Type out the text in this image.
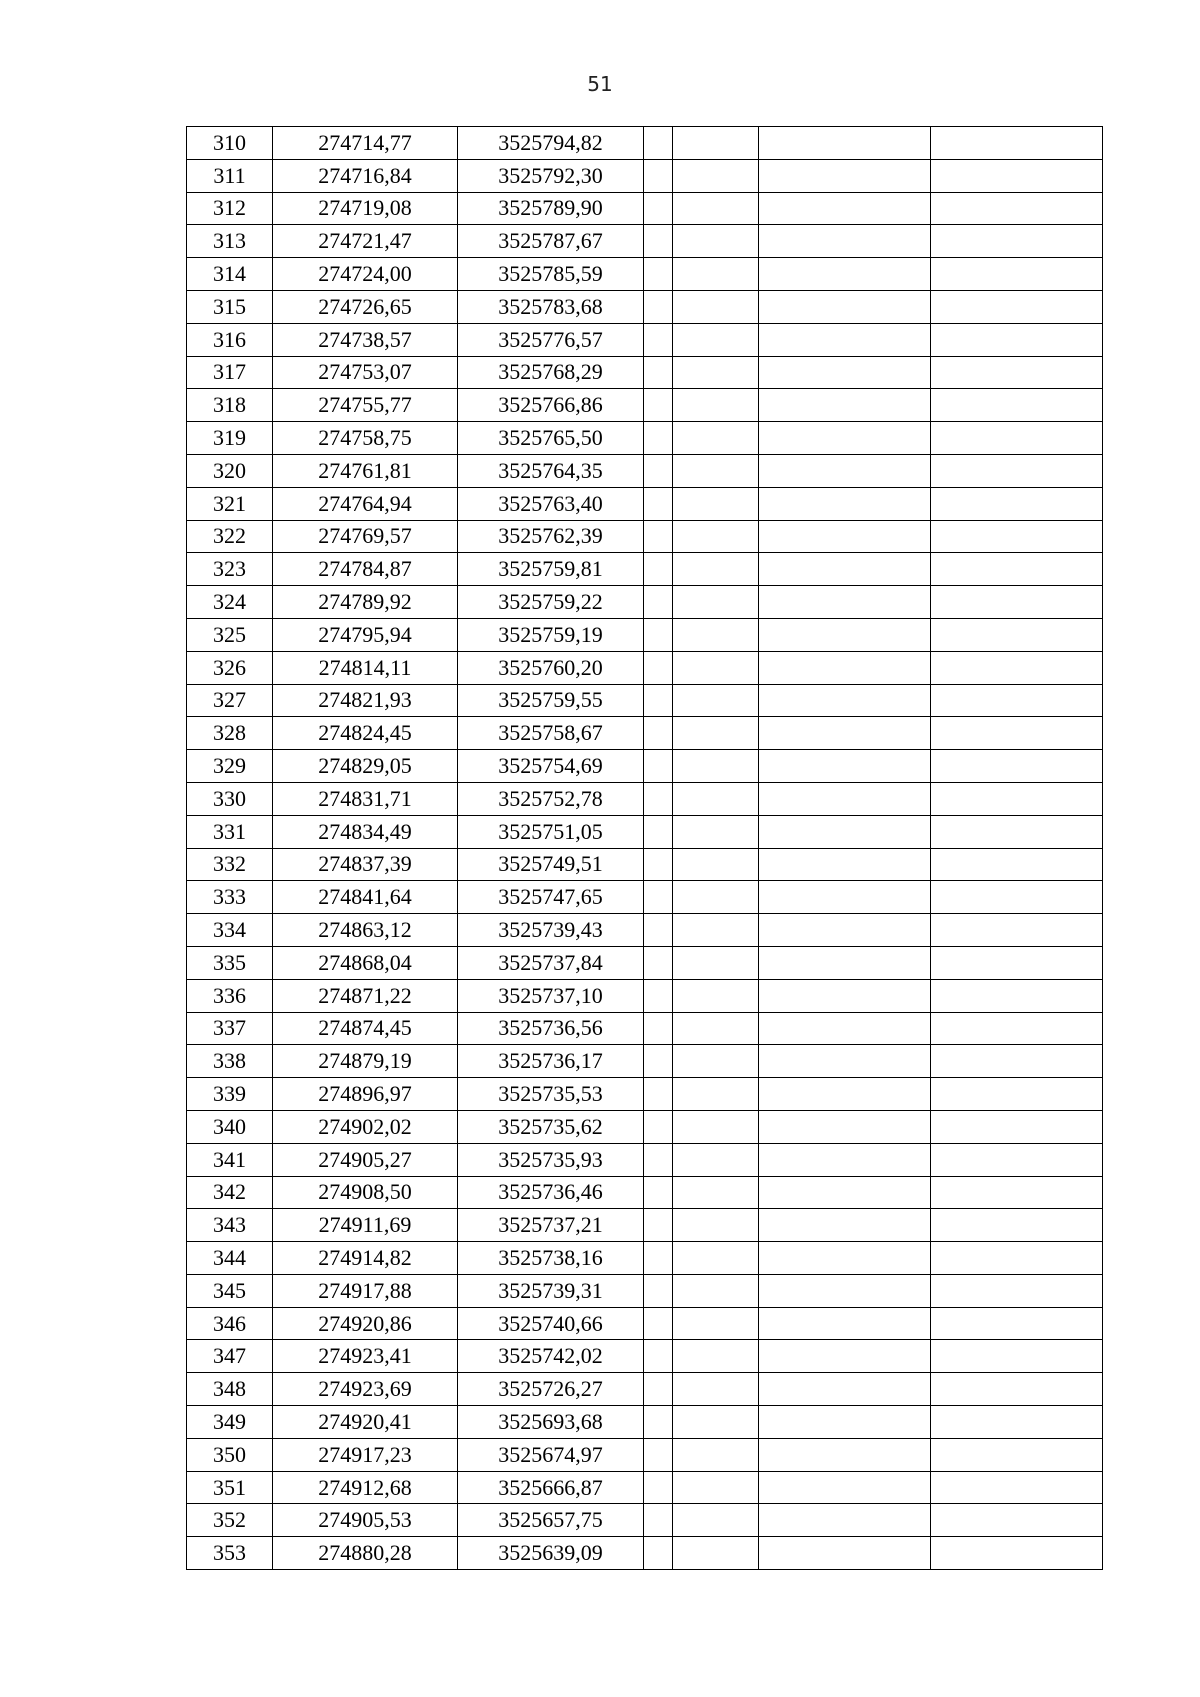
51
310	274714,77	3525794,82				
311	274716,84	3525792,30				
312	274719,08	3525789,90				
313	274721,47	3525787,67				
314	274724,00	3525785,59				
315	274726,65	3525783,68				
316	274738,57	3525776,57				
317	274753,07	3525768,29				
318	274755,77	3525766,86				
319	274758,75	3525765,50				
320	274761,81	3525764,35				
321	274764,94	3525763,40				
322	274769,57	3525762,39				
323	274784,87	3525759,81				
324	274789,92	3525759,22				
325	274795,94	3525759,19				
326	274814,11	3525760,20				
327	274821,93	3525759,55				
328	274824,45	3525758,67				
329	274829,05	3525754,69				
330	274831,71	3525752,78				
331	274834,49	3525751,05				
332	274837,39	3525749,51				
333	274841,64	3525747,65				
334	274863,12	3525739,43				
335	274868,04	3525737,84				
336	274871,22	3525737,10				
337	274874,45	3525736,56				
338	274879,19	3525736,17				
339	274896,97	3525735,53				
340	274902,02	3525735,62				
341	274905,27	3525735,93				
342	274908,50	3525736,46				
343	274911,69	3525737,21				
344	274914,82	3525738,16				
345	274917,88	3525739,31				
346	274920,86	3525740,66				
347	274923,41	3525742,02				
348	274923,69	3525726,27				
349	274920,41	3525693,68				
350	274917,23	3525674,97				
351	274912,68	3525666,87				
352	274905,53	3525657,75				
353	274880,28	3525639,09				
